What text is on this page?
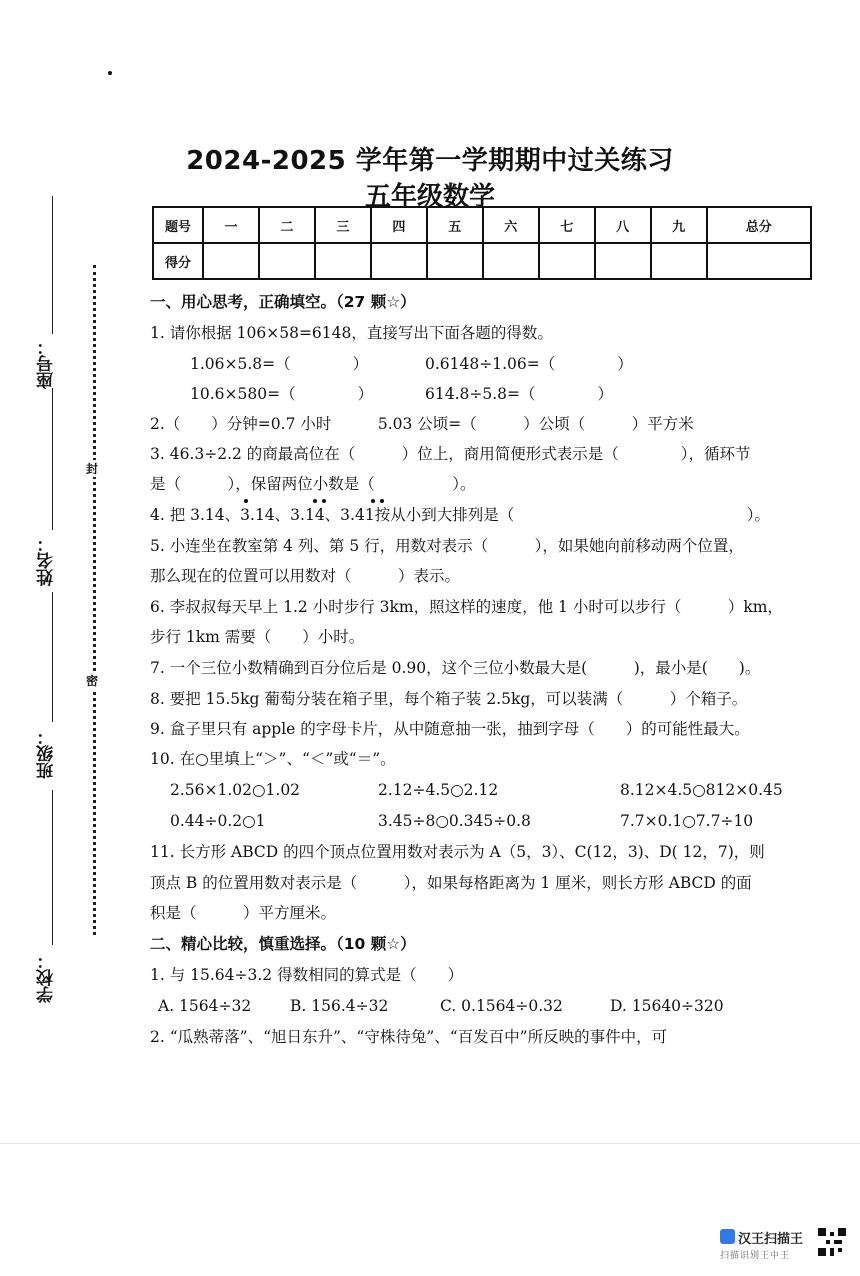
2024-2025 学年第一学期期中过关练习
五年级数学
题号	一	二	三	四	五	六	七	八	九	总分
得分										
座号：
姓名：
班级：
学校：
封
密
一、用心思考，正确填空。（27 颗☆）
1. 请你根据 106×58=6148，直接写出下面各题的得数。
1.06×5.8=（　　　　）	0.6148÷1.06=（　　　　）
10.6×580=（　　　　）	614.8÷5.8=（　　　　）
2.（　　）分钟=0.7 小时　　　5.03 公顷=（　　　）公顷（　　　）平方米
3. 46.3÷2.2 的商最高位在（　　　）位上，商用简便形式表示是（　　　　），循环节
是（　　　），保留两位小数是（　　　　　）。
4. 把 3.14、3.14、3.14、3.41按从小到大排列是（　　　　　　　　　　　　　　　）。
5. 小连坐在教室第 4 列、第 5 行，用数对表示（　　　），如果她向前移动两个位置，
那么现在的位置可以用数对（　　　）表示。
6. 李叔叔每天早上 1.2 小时步行 3km，照这样的速度，他 1 小时可以步行（　　　）km，
步行 1km 需要（　　）小时。
7. 一个三位小数精确到百分位后是 0.90，这个三位小数最大是(　　　)，最小是(　　)。
8. 要把 15.5kg 葡萄分装在箱子里，每个箱子装 2.5kg，可以装满（　　　）个箱子。
9. 盒子里只有 apple 的字母卡片，从中随意抽一张，抽到字母（　　）的可能性最大。
10. 在○里填上“＞”、“＜”或“＝”。
2.56×1.02○1.02	2.12÷4.5○2.12	8.12×4.5○812×0.45
0.44÷0.2○1	3.45÷8○0.345÷0.8	7.7×0.1○7.7÷10
11. 长方形 ABCD 的四个顶点位置用数对表示为 A（5，3）、C(12，3)、D( 12，7)，则
顶点 B 的位置用数对表示是（　　　），如果每格距离为 1 厘米，则长方形 ABCD 的面
积是（　　　）平方厘米。
二、精心比较，慎重选择。（10 颗☆）
1. 与 15.64÷3.2 得数相同的算式是（　　）
A. 1564÷32	B. 156.4÷32	C. 0.1564÷0.32	D. 15640÷320
2. “瓜熟蒂落”、“旭日东升”、“守株待兔”、“百发百中”所反映的事件中，可
汉王扫描王
扫描识别王中王
